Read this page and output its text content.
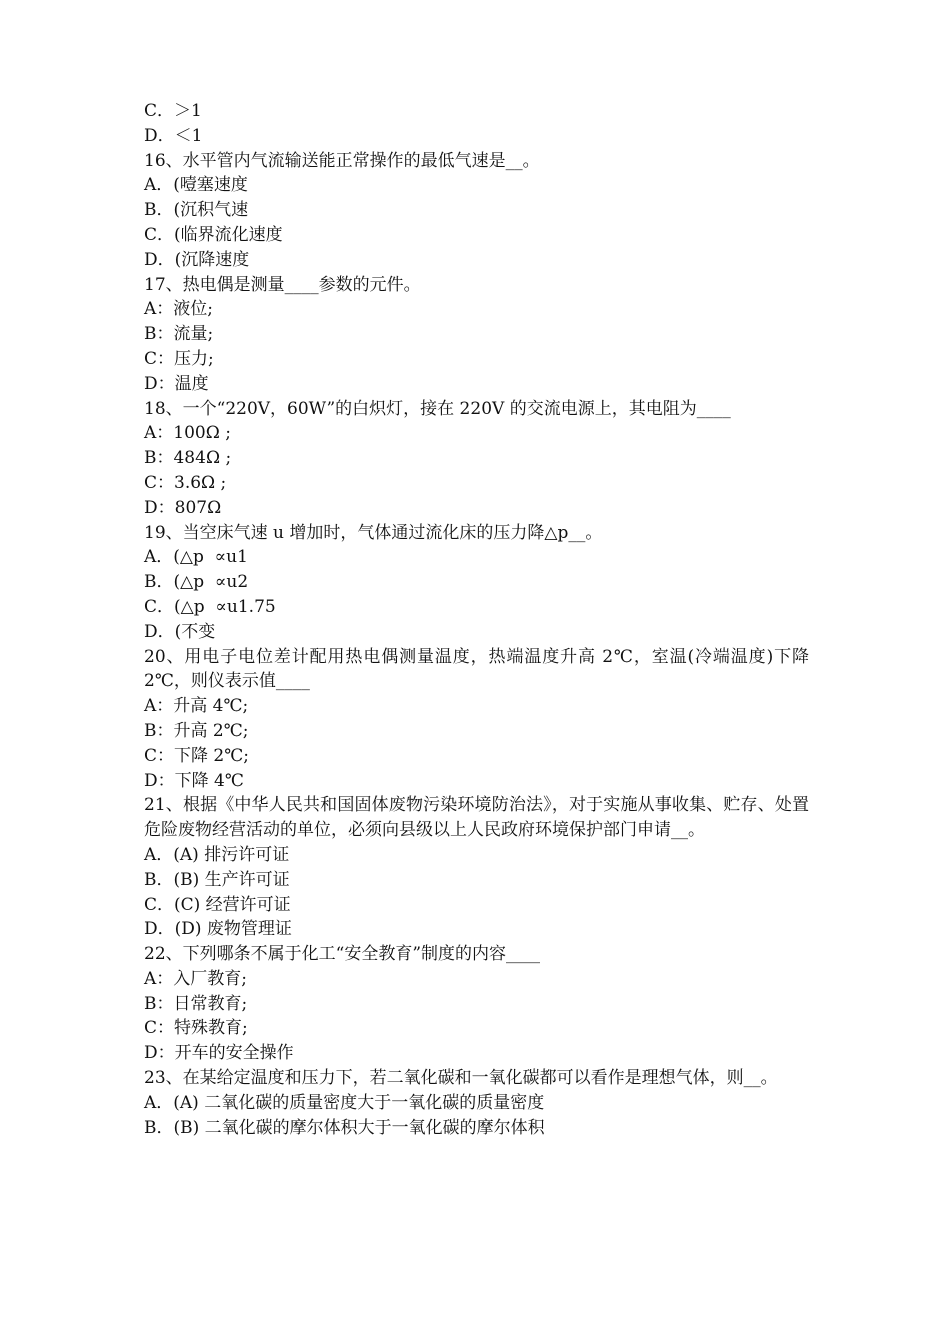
C．＞1
D．＜1
16、水平管内气流输送能正常操作的最低气速是__。
A．(噎塞速度
B．(沉积气速
C．(临界流化速度
D．(沉降速度
17、热电偶是测量____参数的元件。
A：液位;
B：流量;
C：压力;
D：温度
18、一个“220V，60W”的白炽灯，接在 220V 的交流电源上，其电阻为____
A：100Ω ;
B：484Ω ;
C：3.6Ω ;
D：807Ω
19、当空床气速 u 增加时，气体通过流化床的压力降△p__。
A．(△p  ∝u1
B．(△p  ∝u2
C．(△p  ∝u1.75
D．(不变
20、用电子电位差计配用热电偶测量温度，热端温度升高 2℃，室温(冷端温度)下降 2℃，则仪表示值____
A：升高 4℃;
B：升高 2℃;
C：下降 2℃;
D：下降 4℃
21、根据《中华人民共和国固体废物污染环境防治法》，对于实施从事收集、贮存、处置危险废物经营活动的单位，必须向县级以上人民政府环境保护部门申请__。
A．(A) 排污许可证
B．(B) 生产许可证
C．(C) 经营许可证
D．(D) 废物管理证
22、下列哪条不属于化工“安全教育”制度的内容____
A：入厂教育;
B：日常教育;
C：特殊教育;
D：开车的安全操作
23、在某给定温度和压力下，若二氧化碳和一氧化碳都可以看作是理想气体，则__。
A．(A) 二氧化碳的质量密度大于一氧化碳的质量密度
B．(B) 二氧化碳的摩尔体积大于一氧化碳的摩尔体积
